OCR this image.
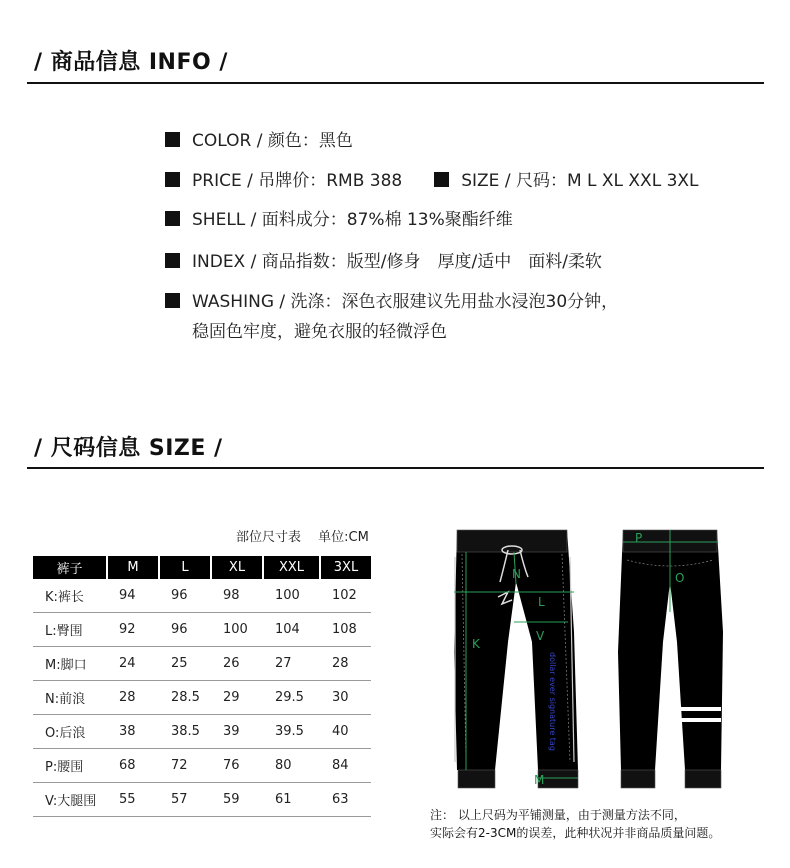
/ 商品信息 INFO /
COLOR / 颜色：黑色
PRICE / 吊牌价：RMB 388	SIZE / 尺码：M L XL XXL 3XL
SHELL / 面料成分：87%棉 13%聚酯纤维
INDEX / 商品指数：版型/修身　厚度/适中　面料/柔软
WASHING / 洗涤：深色衣服建议先用盐水浸泡30分钟，
稳固色牢度，避免衣服的轻微浮色
/ 尺码信息 SIZE /
部位尺寸表　 单位:CM
裤子	M	L	XL	XXL	3XL
K:裤长	94	96	98	100	102
L:臀围	92	96	100	104	108
M:脚口	24	25	26	27	28
N:前浪	28	28.5	29	29.5	30
O:后浪	38	38.5	39	39.5	40
P:腰围	68	72	76	80	84
V:大腿围	55	57	59	61	63
dollar ever signature tag
N
L
K
V
M
P
O
注： 以上尺码为平铺测量，由于测量方法不同，
实际会有2-3CM的误差，此种状况并非商品质量问题。
